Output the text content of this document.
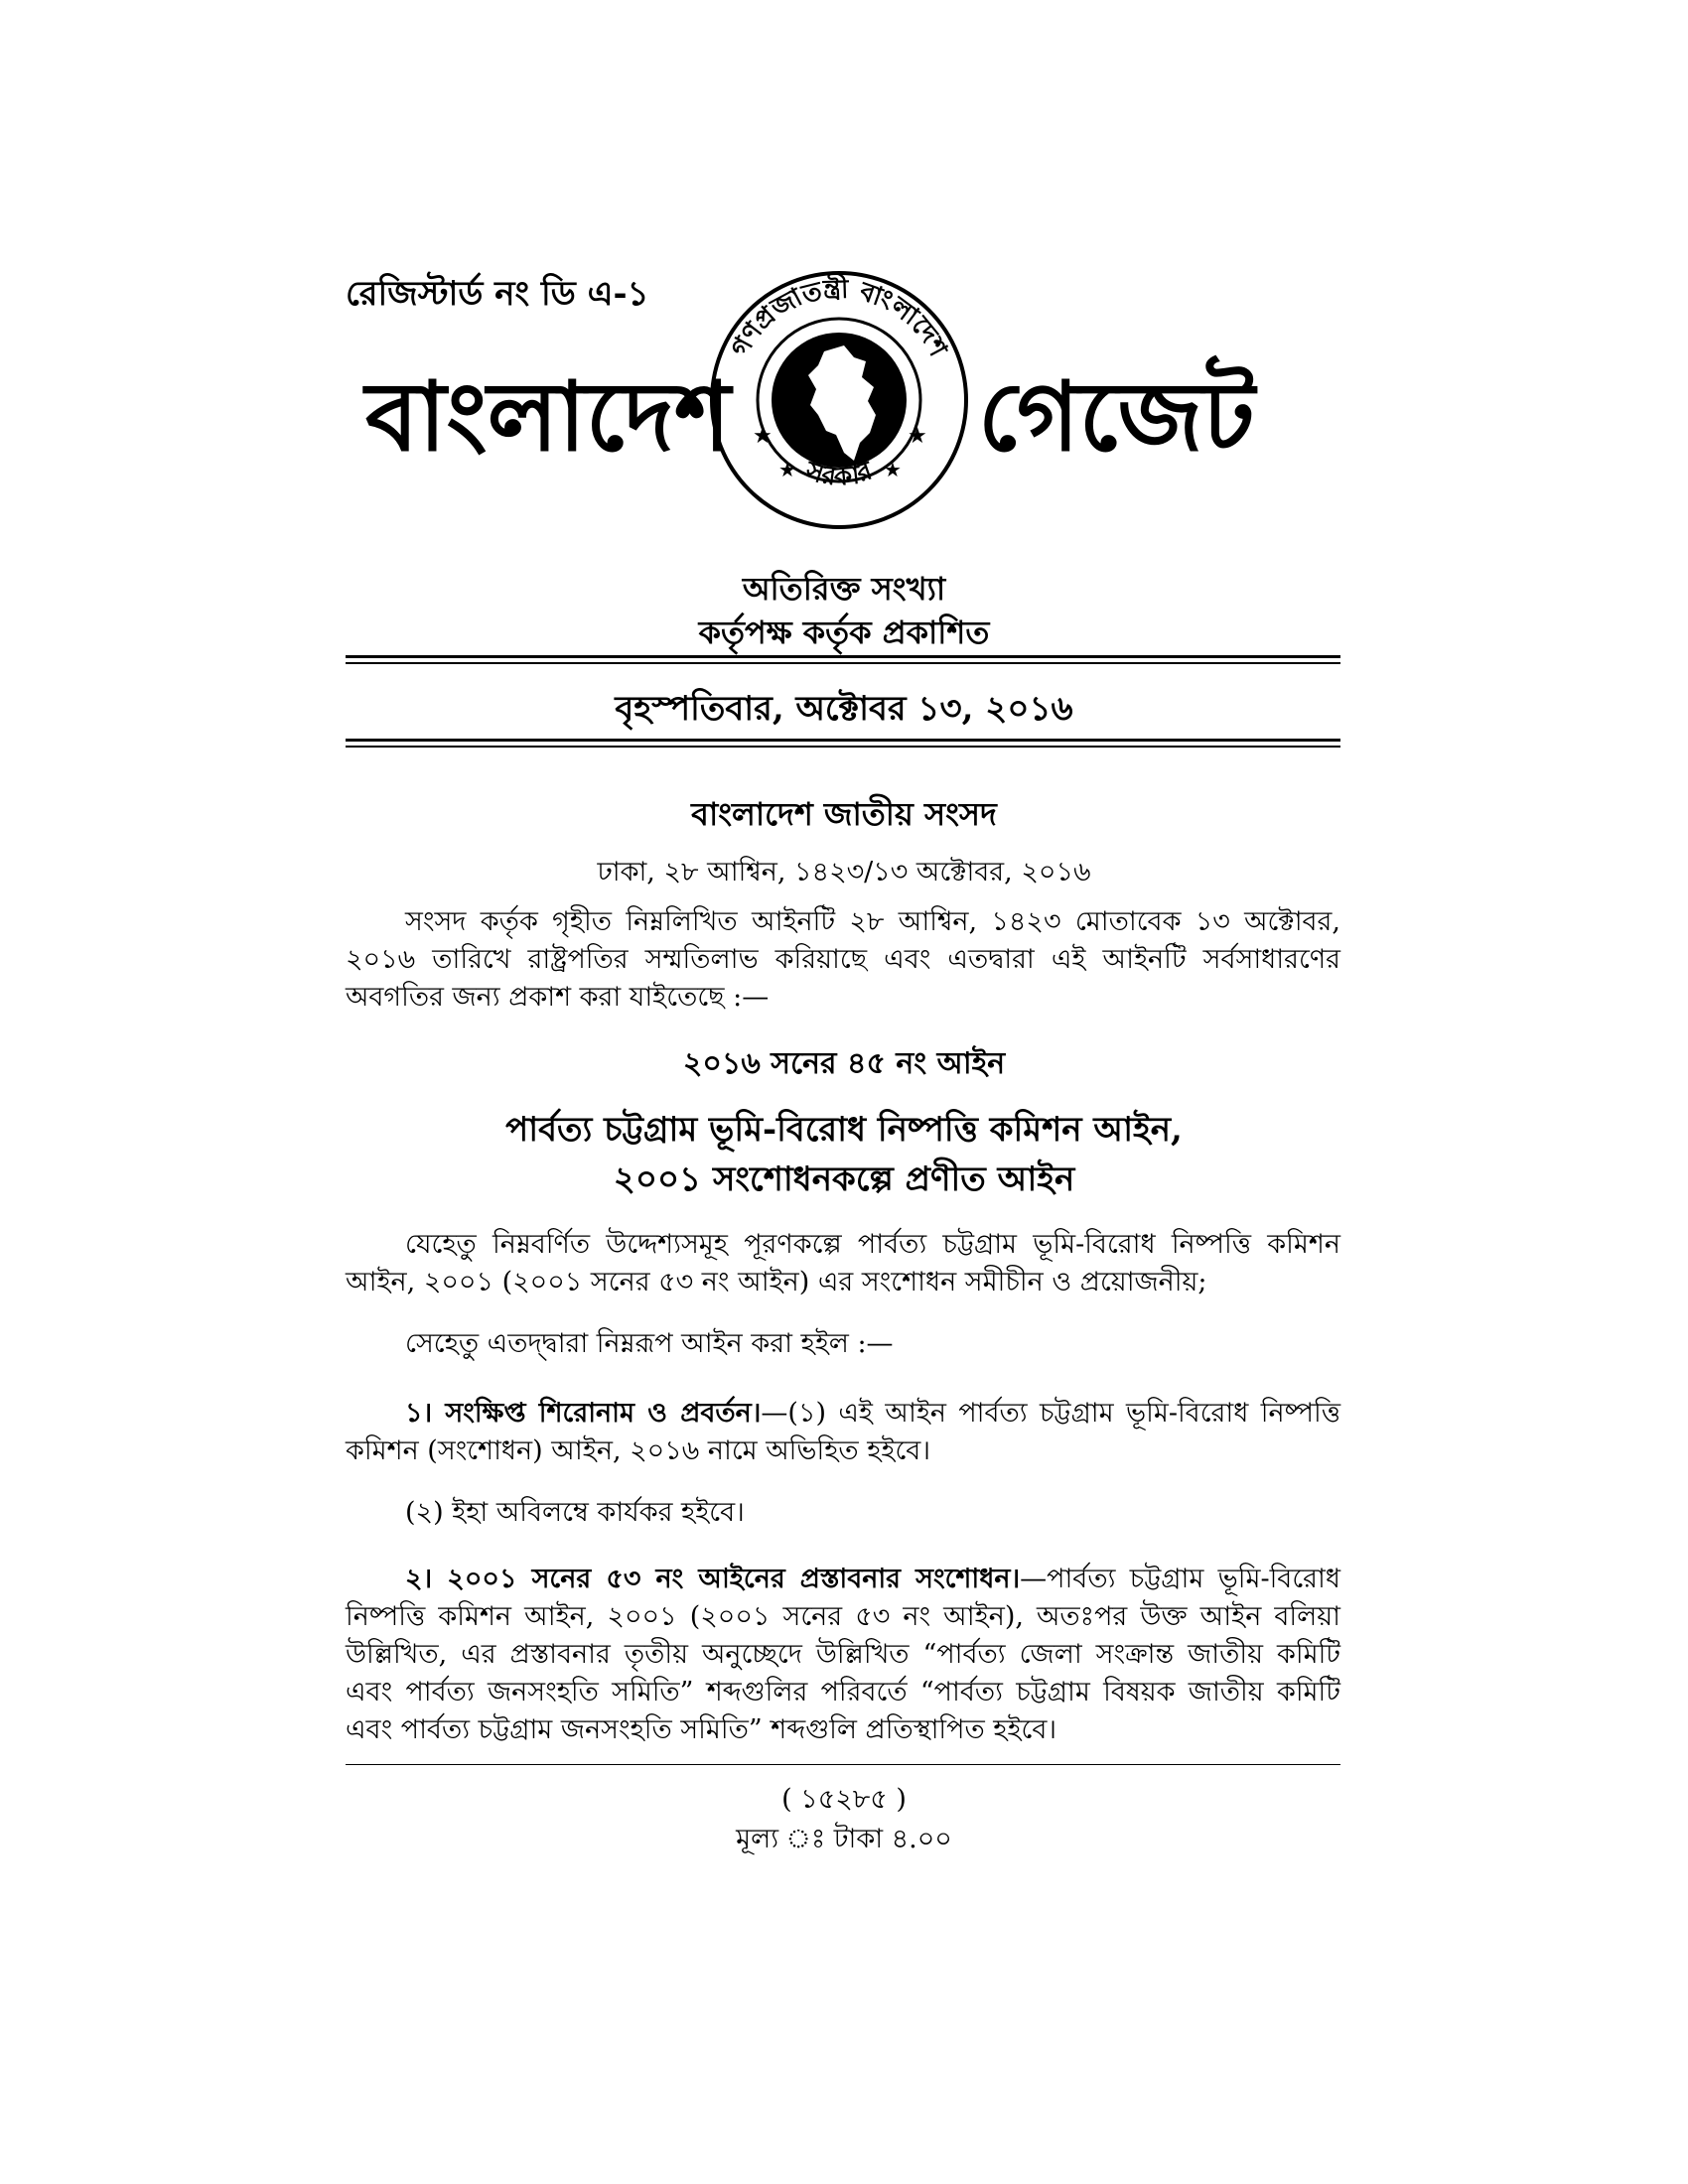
রেজিস্টার্ড নং ডি এ-১
বাংলাদেশ
গণপ্রজাতন্ত্রী বাংলাদেশ
সরকার
★	★
★	★ গেজেট
অতিরিক্ত সংখ্যা
কর্তৃপক্ষ কর্তৃক প্রকাশিত
বৃহস্পতিবার, অক্টোবর ১৩, ২০১৬
বাংলাদেশ জাতীয় সংসদ
ঢাকা, ২৮ আশ্বিন, ১৪২৩/১৩ অক্টোবর, ২০১৬
সংসদ কর্তৃক গৃহীত নিম্নলিখিত আইনটি ২৮ আশ্বিন, ১৪২৩ মোতাবেক ১৩ অক্টোবর, ২০১৬ তারিখে রাষ্ট্রপতির সম্মতিলাভ করিয়াছে এবং এতদ্বারা এই আইনটি সর্বসাধারণের অবগতির জন্য প্রকাশ করা যাইতেছে :—
২০১৬ সনের ৪৫ নং আইন
পার্বত্য চট্টগ্রাম ভূমি-বিরোধ নিষ্পত্তি কমিশন আইন,
২০০১ সংশোধনকল্পে প্রণীত আইন
যেহেতু নিম্নবর্ণিত উদ্দেশ্যসমূহ পূরণকল্পে পার্বত্য চট্টগ্রাম ভূমি-বিরোধ নিষ্পত্তি কমিশন আইন, ২০০১ (২০০১ সনের ৫৩ নং আইন) এর সংশোধন সমীচীন ও প্রয়োজনীয়;
সেহেতু এতদ্দ্বারা নিম্নরূপ আইন করা হইল :—
১। সংক্ষিপ্ত শিরোনাম ও প্রবর্তন।—(১) এই আইন পার্বত্য চট্টগ্রাম ভূমি-বিরোধ নিষ্পত্তি কমিশন (সংশোধন) আইন, ২০১৬ নামে অভিহিত হইবে।
(২) ইহা অবিলম্বে কার্যকর হইবে।
২। ২০০১ সনের ৫৩ নং আইনের প্রস্তাবনার সংশোধন।—পার্বত্য চট্টগ্রাম ভূমি-বিরোধ নিষ্পত্তি কমিশন আইন, ২০০১ (২০০১ সনের ৫৩ নং আইন), অতঃপর উক্ত আইন বলিয়া উল্লিখিত, এর প্রস্তাবনার তৃতীয় অনুচ্ছেদে উল্লিখিত “পার্বত্য জেলা সংক্রান্ত জাতীয় কমিটি এবং পার্বত্য জনসংহতি সমিতি” শব্দগুলির পরিবর্তে “পার্বত্য চট্টগ্রাম বিষয়ক জাতীয় কমিটি এবং পার্বত্য চট্টগ্রাম জনসংহতি সমিতি” শব্দগুলি প্রতিস্থাপিত হইবে।
( ১৫২৮৫ )
মূল্য ঃ টাকা ৪.০০
